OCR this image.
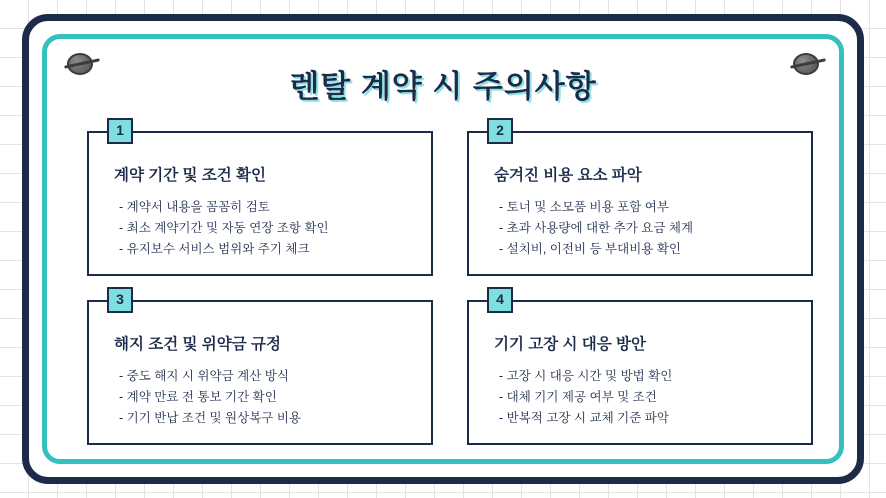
렌탈 계약 시 주의사항
1
계약 기간 및 조건 확인
- 계약서 내용을 꼼꼼히 검토
- 최소 계약기간 및 자동 연장 조항 확인
- 유지보수 서비스 범위와 주기 체크
2
숨겨진 비용 요소 파악
- 토너 및 소모품 비용 포함 여부
- 초과 사용량에 대한 추가 요금 체계
- 설치비, 이전비 등 부대비용 확인
3
해지 조건 및 위약금 규정
- 중도 해지 시 위약금 계산 방식
- 계약 만료 전 통보 기간 확인
- 기기 반납 조건 및 원상복구 비용
4
기기 고장 시 대응 방안
- 고장 시 대응 시간 및 방법 확인
- 대체 기기 제공 여부 및 조건
- 반복적 고장 시 교체 기준 파악
